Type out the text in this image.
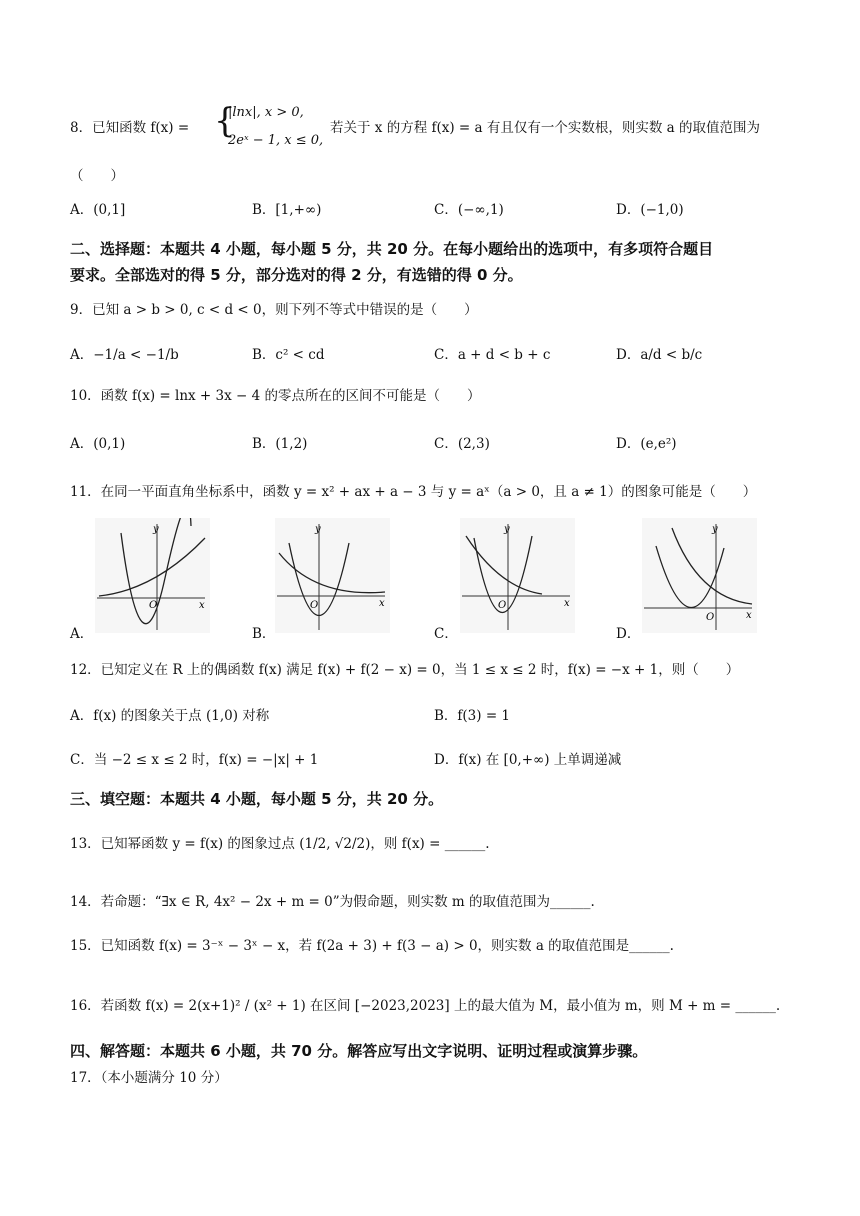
8．已知函数 f(x) = {
|lnx|, x > 0,
2eˣ − 1, x ≤ 0,
若关于 x 的方程 f(x) = a 有且仅有一个实数根，则实数 a 的取值范围为
（　　）
A．(0,1]	B．[1,+∞)	C．(−∞,1)	D．(−1,0)
二、选择题：本题共 4 小题，每小题 5 分，共 20 分。在每小题给出的选项中，有多项符合题目
要求。全部选对的得 5 分，部分选对的得 2 分，有选错的得 0 分。
9．已知 a > b > 0, c < d < 0，则下列不等式中错误的是（　　）
A．−1/a < −1/b	B．c² < cd	C．a + d < b + c	D．a/d < b/c
10．函数 f(x) = lnx + 3x − 4 的零点所在的区间不可能是（　　）
A．(0,1)	B．(1,2)	C．(2,3)	D．(e,e²)
11．在同一平面直角坐标系中，函数 y = x² + ax + a − 3 与 y = aˣ（a > 0，且 a ≠ 1）的图象可能是（　　）
y
x
O
A．
y
x
O
B．
y
x
O
C．
y
x
O
D．
12．已知定义在 R 上的偶函数 f(x) 满足 f(x) + f(2 − x) = 0，当 1 ≤ x ≤ 2 时，f(x) = −x + 1，则（　　）
A．f(x) 的图象关于点 (1,0) 对称	B．f(3) = 1
C．当 −2 ≤ x ≤ 2 时，f(x) = −|x| + 1	D．f(x) 在 [0,+∞) 上单调递减
三、填空题：本题共 4 小题，每小题 5 分，共 20 分。
13．已知幂函数 y = f(x) 的图象过点 (1/2, √2/2)，则 f(x) = ______.
14．若命题：“∃x ∈ R, 4x² − 2x + m = 0”为假命题，则实数 m 的取值范围为______.
15．已知函数 f(x) = 3⁻ˣ − 3ˣ − x，若 f(2a + 3) + f(3 − a) > 0，则实数 a 的取值范围是______.
16．若函数 f(x) = 2(x+1)² / (x² + 1) 在区间 [−2023,2023] 上的最大值为 M，最小值为 m，则 M + m = ______.
四、解答题：本题共 6 小题，共 70 分。解答应写出文字说明、证明过程或演算步骤。
17．（本小题满分 10 分）
